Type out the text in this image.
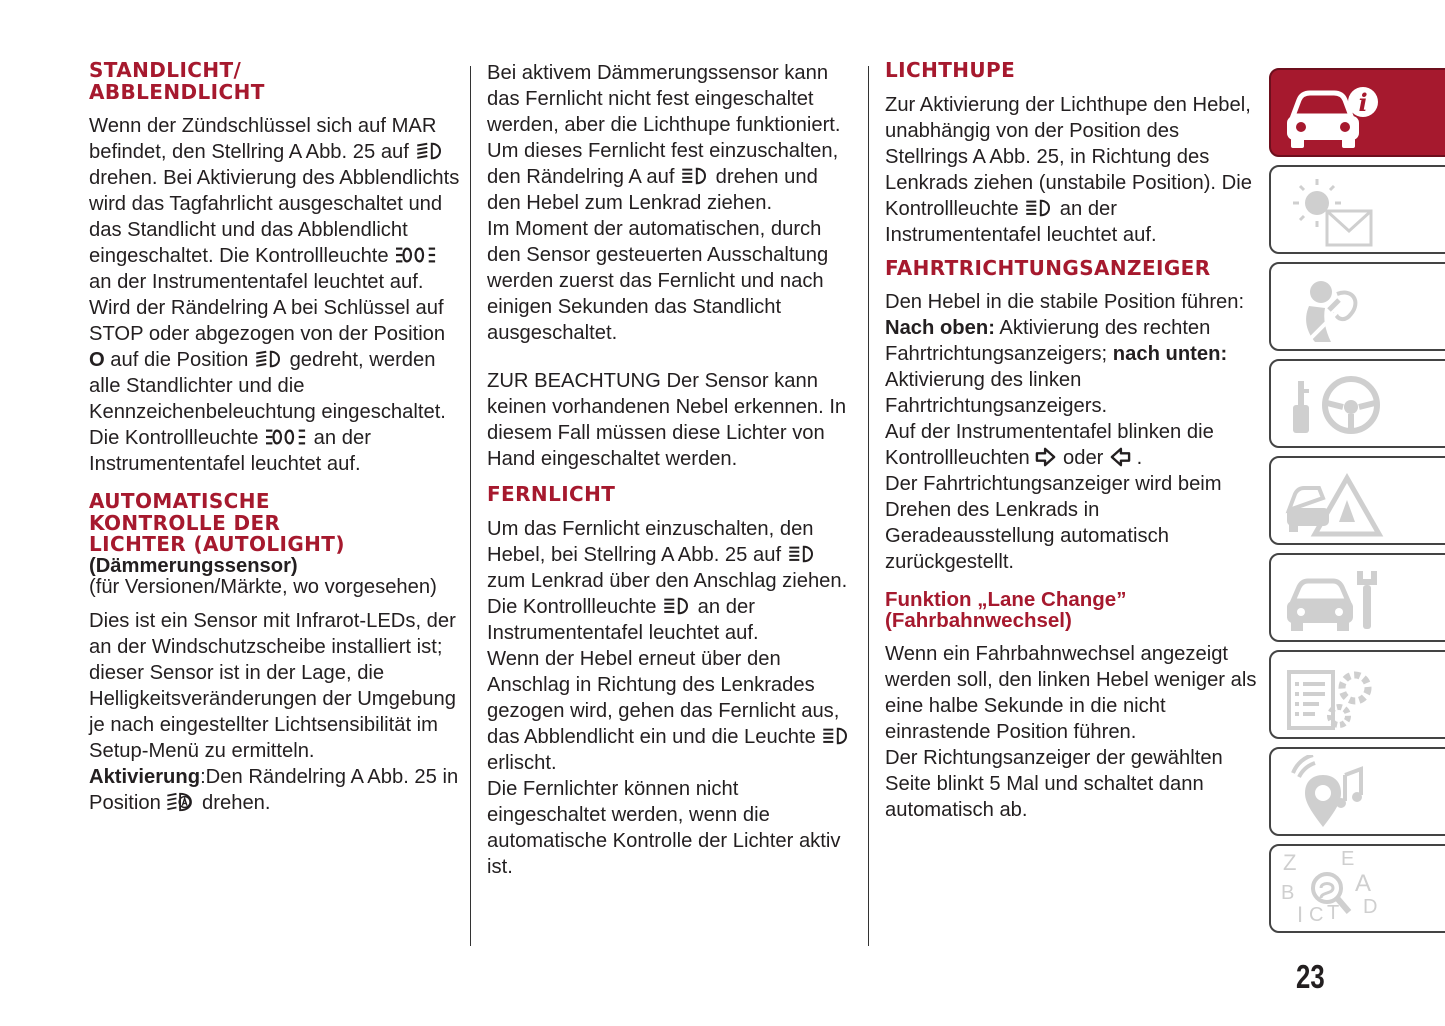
STANDLICHT/
ABBLENDLICHT

Wenn der Zündschlüssel sich auf MAR befindet, den Stellring A Abb. 25 auf  drehen. Bei Aktivierung des Abblendlichts wird das Tagfahrlicht ausgeschaltet und das Standlicht und das Abblendlicht eingeschaltet. Die Kontrollleuchte  an der Instrumententafel leuchtet auf.

Wird der Rändelring A bei Schlüssel auf STOP oder abgezogen von der Position O auf die Position  gedreht, werden alle Standlichter und die Kennzeichenbeleuchtung eingeschaltet. Die Kontrollleuchte  an der Instrumententafel leuchtet auf.

AUTOMATISCHE
KONTROLLE DER
LICHTER (AUTOLIGHT)

(Dämmerungssensor)

(für Versionen/Märkte, wo vorgesehen)

Dies ist ein Sensor mit Infrarot-LEDs, der an der Windschutzscheibe installiert ist; dieser Sensor ist in der Lage, die Helligkeitsveränderungen der Umgebung je nach eingestellter Lichtsensibilität im Setup-Menü zu ermitteln.

Aktivierung:Den Rändelring A Abb. 25 in Position  drehen.

Bei aktivem Dämmerungssensor kann das Fernlicht nicht fest eingeschaltet werden, aber die Lichthupe funktioniert. Um dieses Fernlicht fest einzuschalten, den Rändelring A auf  drehen und den Hebel zum Lenkrad ziehen.

Im Moment der automatischen, durch den Sensor gesteuerten Ausschaltung werden zuerst das Fernlicht und nach einigen Sekunden das Standlicht ausgeschaltet.

ZUR BEACHTUNG Der Sensor kann keinen vorhandenen Nebel erkennen. In diesem Fall müssen diese Lichter von Hand eingeschaltet werden.

FERNLICHT

Um das Fernlicht einzuschalten, den Hebel, bei Stellring A Abb. 25 auf  zum Lenkrad über den Anschlag ziehen. Die Kontrollleuchte  an der Instrumententafel leuchtet auf.

Wenn der Hebel erneut über den Anschlag in Richtung des Lenkrades gezogen wird, gehen das Fernlicht aus, das Abblendlicht ein und die Leuchte  erlischt.

Die Fernlichter können nicht eingeschaltet werden, wenn die automatische Kontrolle der Lichter aktiv ist.

LICHTHUPE

Zur Aktivierung der Lichthupe den Hebel, unabhängig von der Position des Stellrings A Abb. 25, in Richtung des Lenkrads ziehen (unstabile Position). Die Kontrollleuchte  an der Instrumententafel leuchtet auf.

FAHRTRICHTUNGSANZEIGER

Den Hebel in die stabile Position führen:

Nach oben: Aktivierung des rechten Fahrtrichtungsanzeigers; nach unten: Aktivierung des linken Fahrtrichtungsanzeigers.

Auf der Instrumententafel blinken die Kontrollleuchten  oder  .

Der Fahrtrichtungsanzeiger wird beim Drehen des Lenkrads in Geradeausstellung automatisch zurückgestellt.

Funktion „Lane Change”
(Fahrbahnwechsel)

Wenn ein Fahrbahnwechsel angezeigt werden soll, den linken Hebel weniger als eine halbe Sekunde in die nicht einrastende Position führen.

Der Richtungsanzeiger der gewählten Seite blinkt 5 Mal und schaltet dann automatisch ab.

i
Z E
A
B
I C T D
23
